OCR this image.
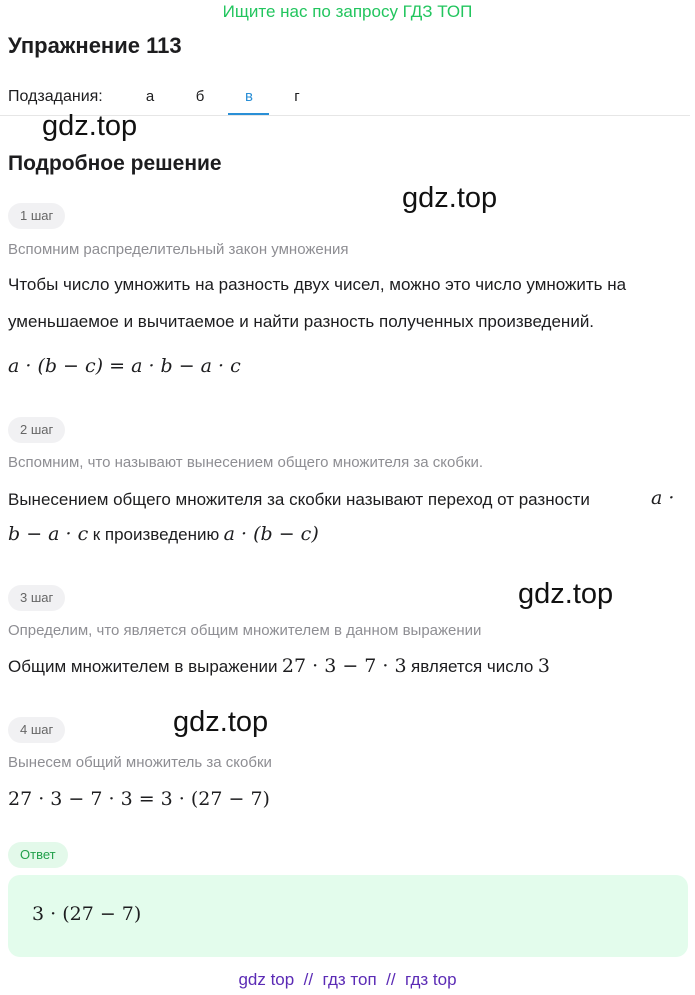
Ищите нас по запросу ГДЗ ТОП
Упражнение 113
Подзадания:	а	б	в	г
gdz.top
Подробное решение
gdz.top
1 шаг
Вспомним распределительный закон умножения
Чтобы число умножить на разность двух чисел, можно это число умножить на
уменьшаемое и вычитаемое и найти разность полученных произведений.
a · (b − c) = a · b − a · c
2 шаг
Вспомним, что называют вынесением общего множителя за скобки.
Вынесением общего множителя за скобки называют переход от разности	a ·
b − a · c к произведению a · (b − c)
3 шаг	gdz.top
Определим, что является общим множителем в данном выражении
Общим множителем в выражении 27 · 3 − 7 · 3 является число 3
gdz.top
4 шаг
Вынесем общий множитель за скобки
27 · 3 − 7 · 3 = 3 · (27 − 7)
Ответ
3 · (27 − 7)
gdz top  //  гдз топ  //  гдз top
